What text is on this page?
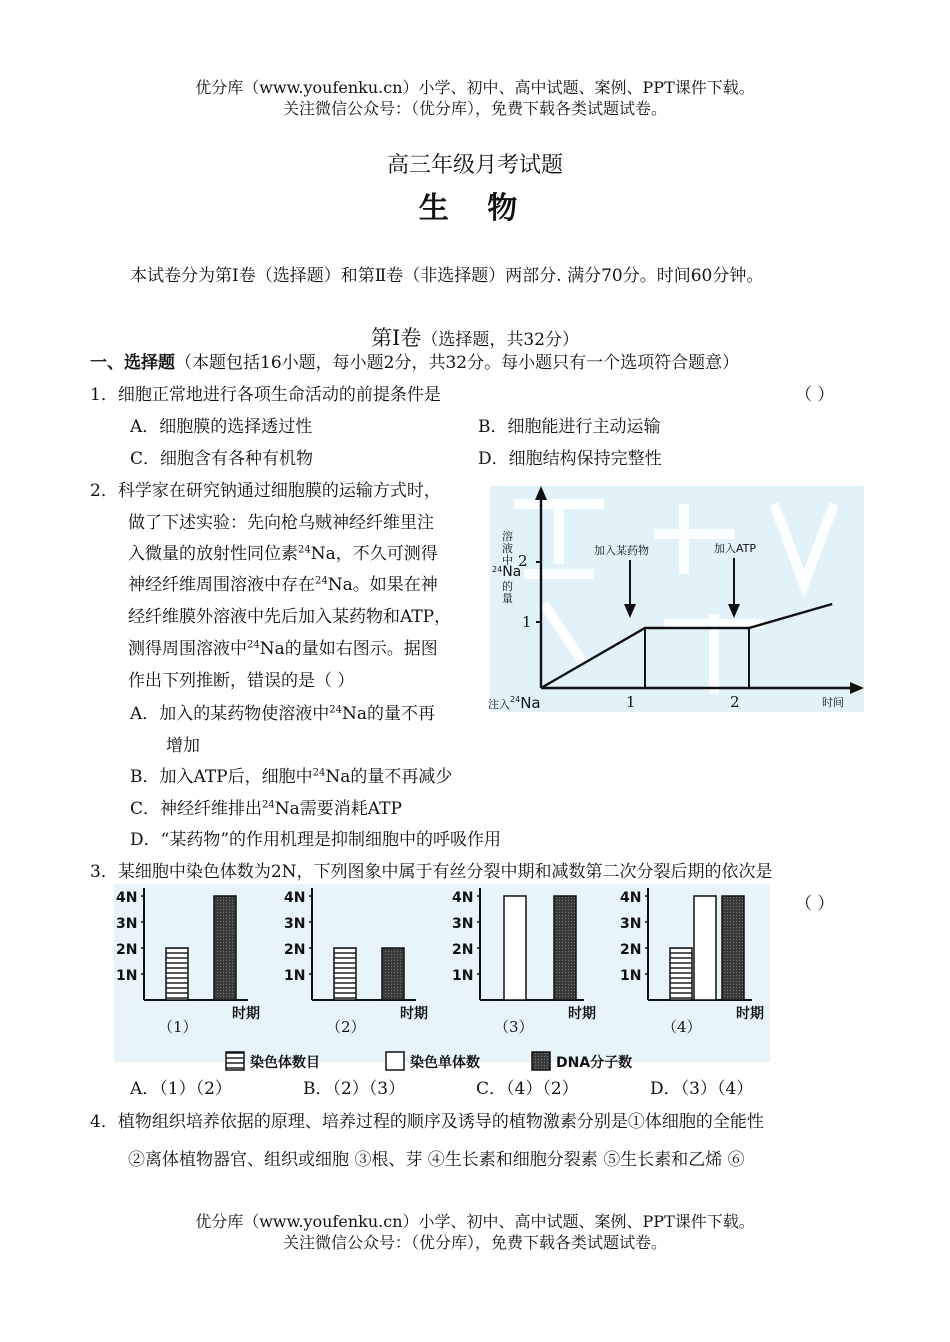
优分库（www.youfenku.cn）小学、初中、高中试题、案例、PPT课件下载。
关注微信公众号：（优分库），免费下载各类试题试卷。
高三年级月考试题
生 物
本试卷分为第Ⅰ卷（选择题）和第Ⅱ卷（非选择题）两部分. 满分70分。时间60分钟。
第Ⅰ卷（选择题，共32分）
一、选择题（本题包括16小题，每小题2分，共32分。每小题只有一个选项符合题意）
1．细胞正常地进行各项生命活动的前提条件是	（ ）
A．细胞膜的选择透过性	B．细胞能进行主动运输
C．细胞含有各种有机物	D．细胞结构保持完整性
2．科学家在研究钠通过细胞膜的运输方式时，
做了下述实验：先向枪乌贼神经纤维里注
入微量的放射性同位素$^{24}$Na，不久可测得
神经纤维周围溶液中存在$^{24}$Na。如果在神
经纤维膜外溶液中先后加入某药物和ATP，
测得周围溶液中$^{24}$Na的量如右图示。据图
作出下列推断，错误的是（ ）
A．加入的某药物使溶液中$^{24}$Na的量不再
增加
B．加入ATP后，细胞中$^{24}$Na的量不再减少
C．神经纤维排出$^{24}$Na需要消耗ATP
D．“某药物”的作用机理是抑制细胞中的呼吸作用
2
1
溶
液
中
$^{24}$Na
的
量
加入某药物	加入ATP
1	2	时间
注入$^{24}$Na
3．某细胞中染色体数为2N，下列图象中属于有丝分裂中期和减数第二次分裂后期的依次是
（ ）
1N
2N
3N
4N
时期
（1）
1N
2N
3N
4N
时期
（2）
1N
2N
3N
4N
时期
（3）
1N
2N
3N
4N
时期
（4）
染色体数目	染色单体数	DNA分子数
A．（1）（2）	B．（2）（3）	C．（4）（2）	D．（3）（4）
4．植物组织培养依据的原理、培养过程的顺序及诱导的植物激素分别是①体细胞的全能性
②离体植物器官、组织或细胞 ③根、芽 ④生长素和细胞分裂素 ⑤生长素和乙烯 ⑥
优分库（www.youfenku.cn）小学、初中、高中试题、案例、PPT课件下载。
关注微信公众号：（优分库），免费下载各类试题试卷。
